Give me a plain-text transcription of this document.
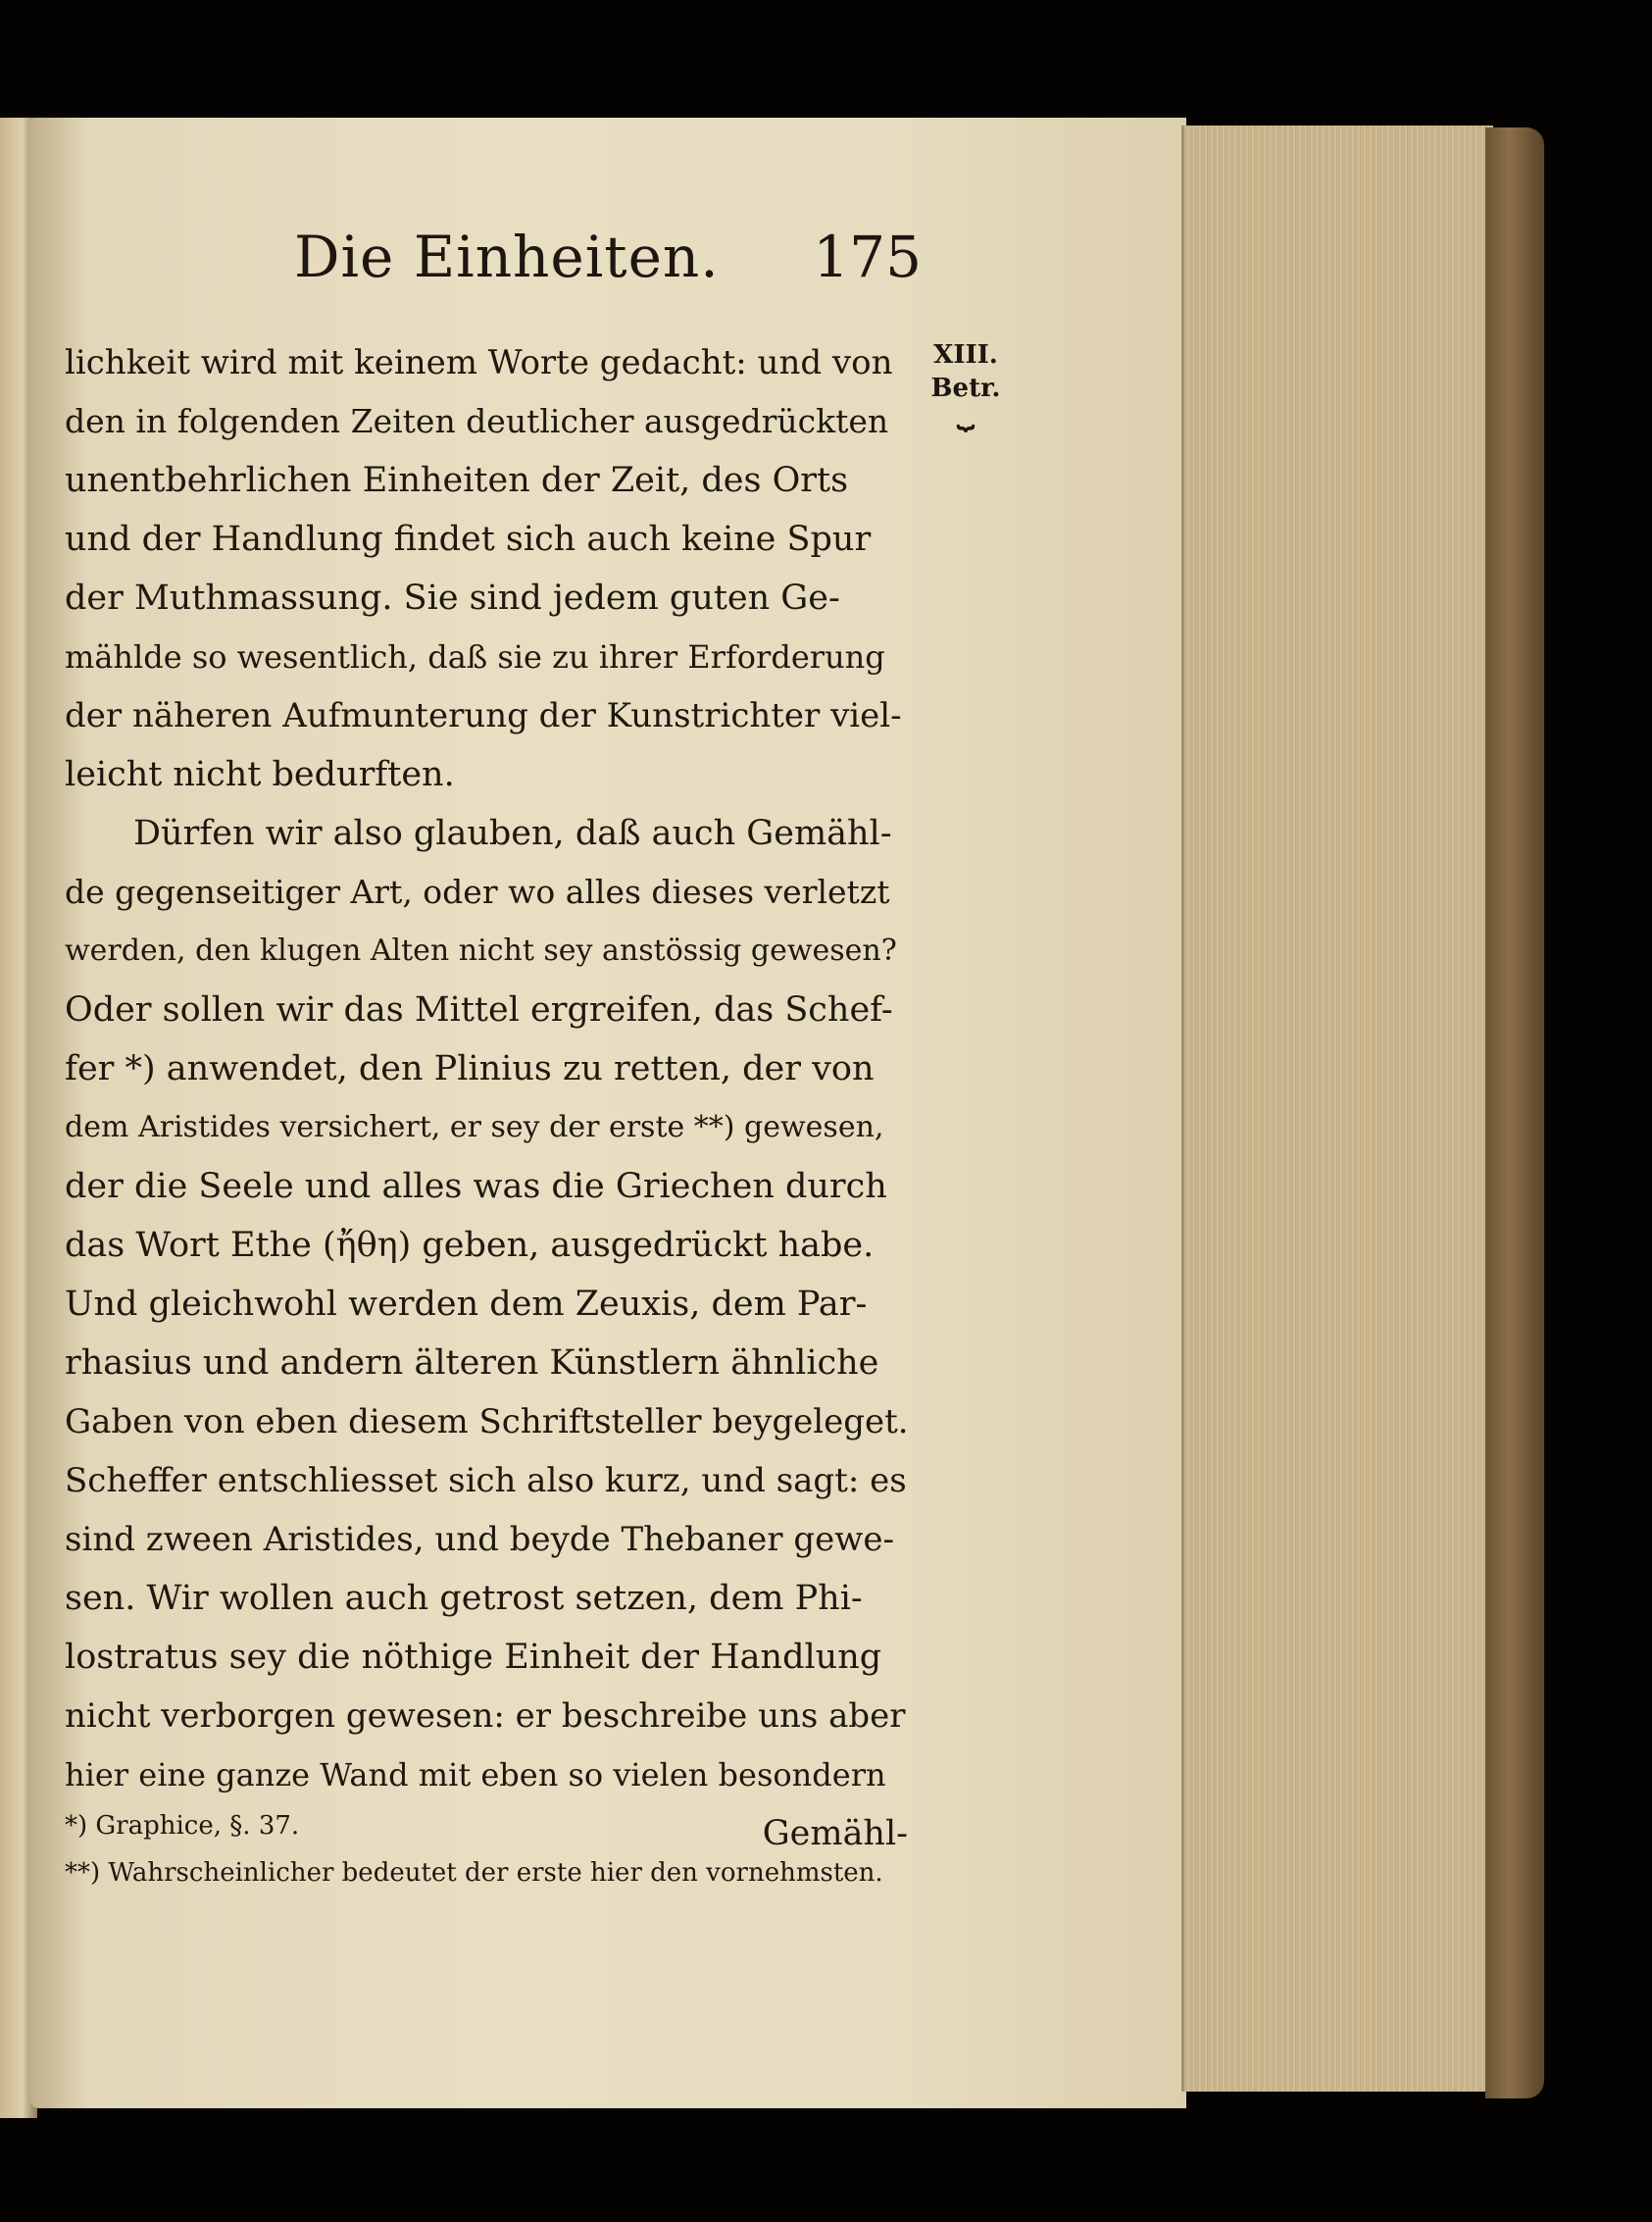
Die Einheiten. 175
XIII.
Betr.
⏟
lichkeit wird mit keinem Worte gedacht: und von
den in folgenden Zeiten deutlicher ausgedrückten
unentbehrlichen Einheiten der Zeit, des Orts
und der Handlung findet sich auch keine Spur
der Muthmassung. Sie sind jedem guten Ge-
mählde so wesentlich, daß sie zu ihrer Erforderung
der näheren Aufmunterung der Kunstrichter viel-
leicht nicht bedurften.
Dürfen wir also glauben, daß auch Gemähl-
de gegenseitiger Art, oder wo alles dieses verletzt
werden, den klugen Alten nicht sey anstössig gewesen?
Oder sollen wir das Mittel ergreifen, das Schef-
fer *) anwendet, den Plinius zu retten, der von
dem Aristides versichert, er sey der erste **) gewesen,
der die Seele und alles was die Griechen durch
das Wort Ethe (ἤθη) geben, ausgedrückt habe.
Und gleichwohl werden dem Zeuxis, dem Par-
rhasius und andern älteren Künstlern ähnliche
Gaben von eben diesem Schriftsteller beygeleget.
Scheffer entschliesset sich also kurz, und sagt: es
sind zween Aristides, und beyde Thebaner gewe-
sen. Wir wollen auch getrost setzen, dem Phi-
lostratus sey die nöthige Einheit der Handlung
nicht verborgen gewesen: er beschreibe uns aber
hier eine ganze Wand mit eben so vielen besondern
Gemähl-
*) Graphice, §. 37.
**) Wahrscheinlicher bedeutet der erste hier den vornehmsten.
